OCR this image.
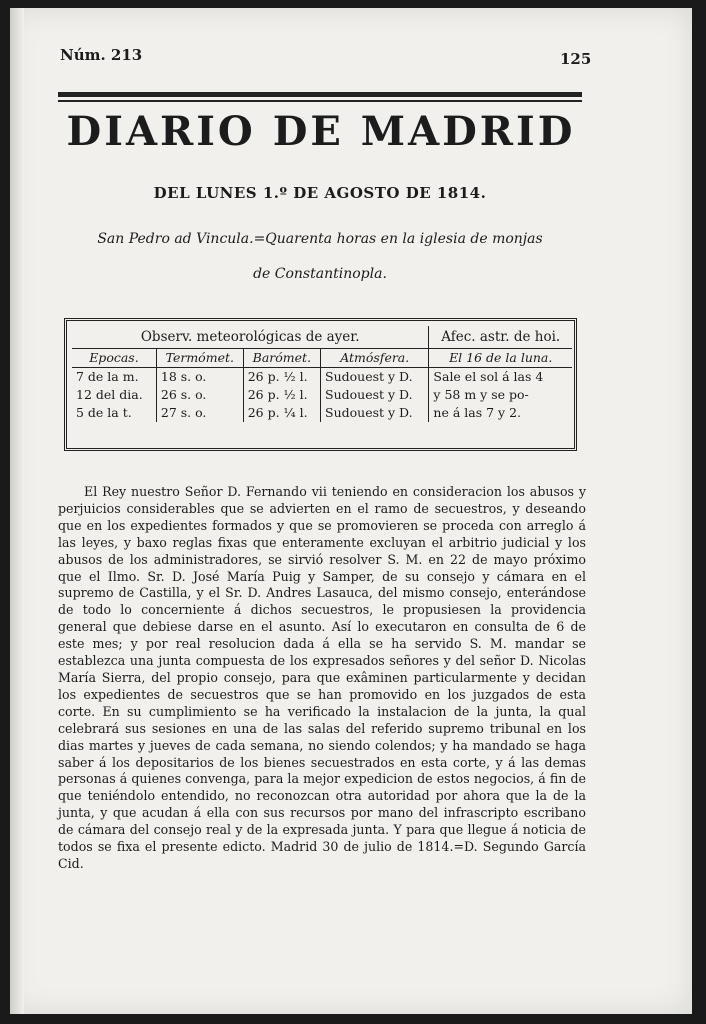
Núm. 213	125
DIARIO DE MADRID
DEL LUNES 1.º DE AGOSTO DE 1814.
San Pedro ad Vincula.=Quarenta horas en la iglesia de monjas
de Constantinopla.
Observ. meteorológicas de ayer.				Afec. astr. de hoi.
Epocas.	Termómet.	Barómet.	Atmósfera.	El 16 de la luna.
7 de la m.	18 s. o.	26 p. ½ l.	Sudouest y D.	Sale el sol á las 4
12 del dia.	26 s. o.	26 p. ½ l.	Sudouest y D.	y 58 m y se po-
5 de la t.	27 s. o.	26 p. ¼ l.	Sudouest y D.	ne á las 7 y 2.

El Rey nuestro Señor D. Fernando vii teniendo en consideracion los abusos y perjuicios considerables que se advierten en el ramo de secuestros, y deseando que en los expedientes formados y que se promovieren se proceda con arreglo á las leyes, y baxo reglas fixas que enteramente excluyan el arbitrio judicial y los abusos de los administradores, se sirvió resolver S. M. en 22 de mayo próximo que el Ilmo. Sr. D. José María Puig y Samper, de su consejo y cámara en el supremo de Castilla, y el Sr. D. Andres Lasauca, del mismo consejo, enterándose de todo lo concerniente á dichos secuestros, le propusiesen la providencia general que debiese darse en el asunto. Así lo executaron en consulta de 6 de este mes; y por real resolucion dada á ella se ha servido S. M. mandar se establezca una junta compuesta de los expresados señores y del señor D. Nicolas María Sierra, del propio consejo, para que exâminen particularmente y decidan los expedientes de secuestros que se han promovido en los juzgados de esta corte. En su cumplimiento se ha verificado la instalacion de la junta, la qual celebrará sus sesiones en una de las salas del referido supremo tribunal en los dias martes y jueves de cada semana, no siendo colendos; y ha mandado se haga saber á los depositarios de los bienes secuestrados en esta corte, y á las demas personas á quienes convenga, para la mejor expedicion de estos negocios, á fin de que teniéndolo entendido, no reconozcan otra autoridad por ahora que la de la junta, y que acudan á ella con sus recursos por mano del infrascripto escribano de cámara del consejo real y de la expresada junta. Y para que llegue á noticia de todos se fixa el presente edicto. Madrid 30 de julio de 1814.=D. Segundo García Cid.
